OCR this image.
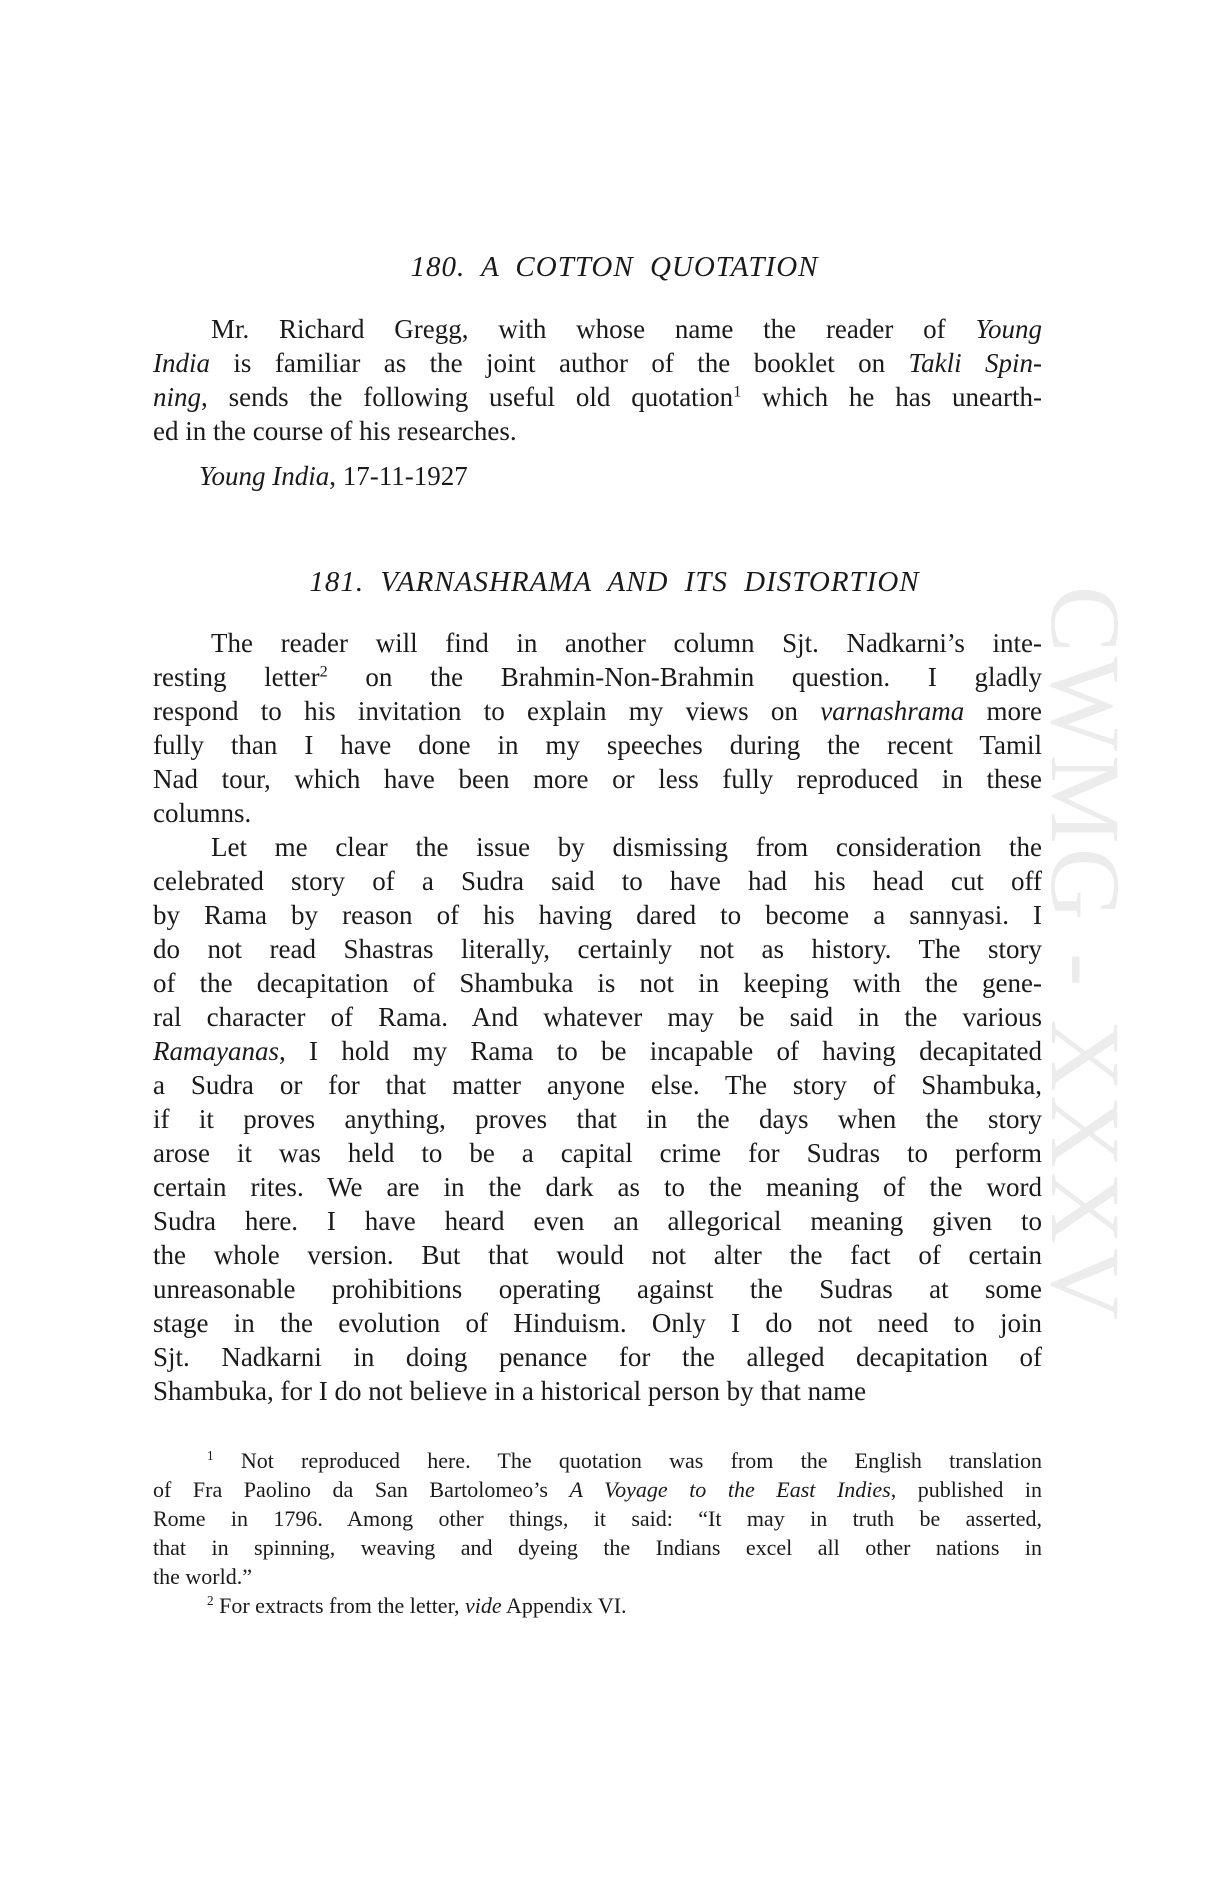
CWMG - XXXV
180. A COTTON QUOTATION
Mr. Richard Gregg, with whose name the reader of Young
India is familiar as the joint author of the booklet on Takli Spin-
ning, sends the following useful old quotation$^1$ which he has unearth-
ed in the course of his researches.
Young India, 17-11-1927
181. VARNASHRAMA AND ITS DISTORTION
The reader will find in another column Sjt. Nadkarni’s inte-
resting letter$^2$ on the Brahmin-Non-Brahmin question. I gladly
respond to his invitation to explain my views on varnashrama more
fully than I have done in my speeches during the recent Tamil
Nad tour, which have been more or less fully reproduced in these
columns.
Let me clear the issue by dismissing from consideration the
celebrated story of a Sudra said to have had his head cut off
by Rama by reason of his having dared to become a sannyasi. I
do not read Shastras literally, certainly not as history. The story
of the decapitation of Shambuka is not in keeping with the gene-
ral character of Rama. And whatever may be said in the various
Ramayanas, I hold my Rama to be incapable of having decapitated
a Sudra or for that matter anyone else. The story of Shambuka,
if it proves anything, proves that in the days when the story
arose it was held to be a capital crime for Sudras to perform
certain rites. We are in the dark as to the meaning of the word
Sudra here. I have heard even an allegorical meaning given to
the whole version. But that would not alter the fact of certain
unreasonable prohibitions operating against the Sudras at some
stage in the evolution of Hinduism. Only I do not need to join
Sjt. Nadkarni in doing penance for the alleged decapitation of
Shambuka, for I do not believe in a historical person by that name
$^1$ Not reproduced here. The quotation was from the English translation
of Fra Paolino da San Bartolomeo’s A Voyage to the East Indies, published in
Rome in 1796. Among other things, it said: “It may in truth be asserted,
that in spinning, weaving and dyeing the Indians excel all other nations in
the world.”
$^2$ For extracts from the letter, vide Appendix VI.
